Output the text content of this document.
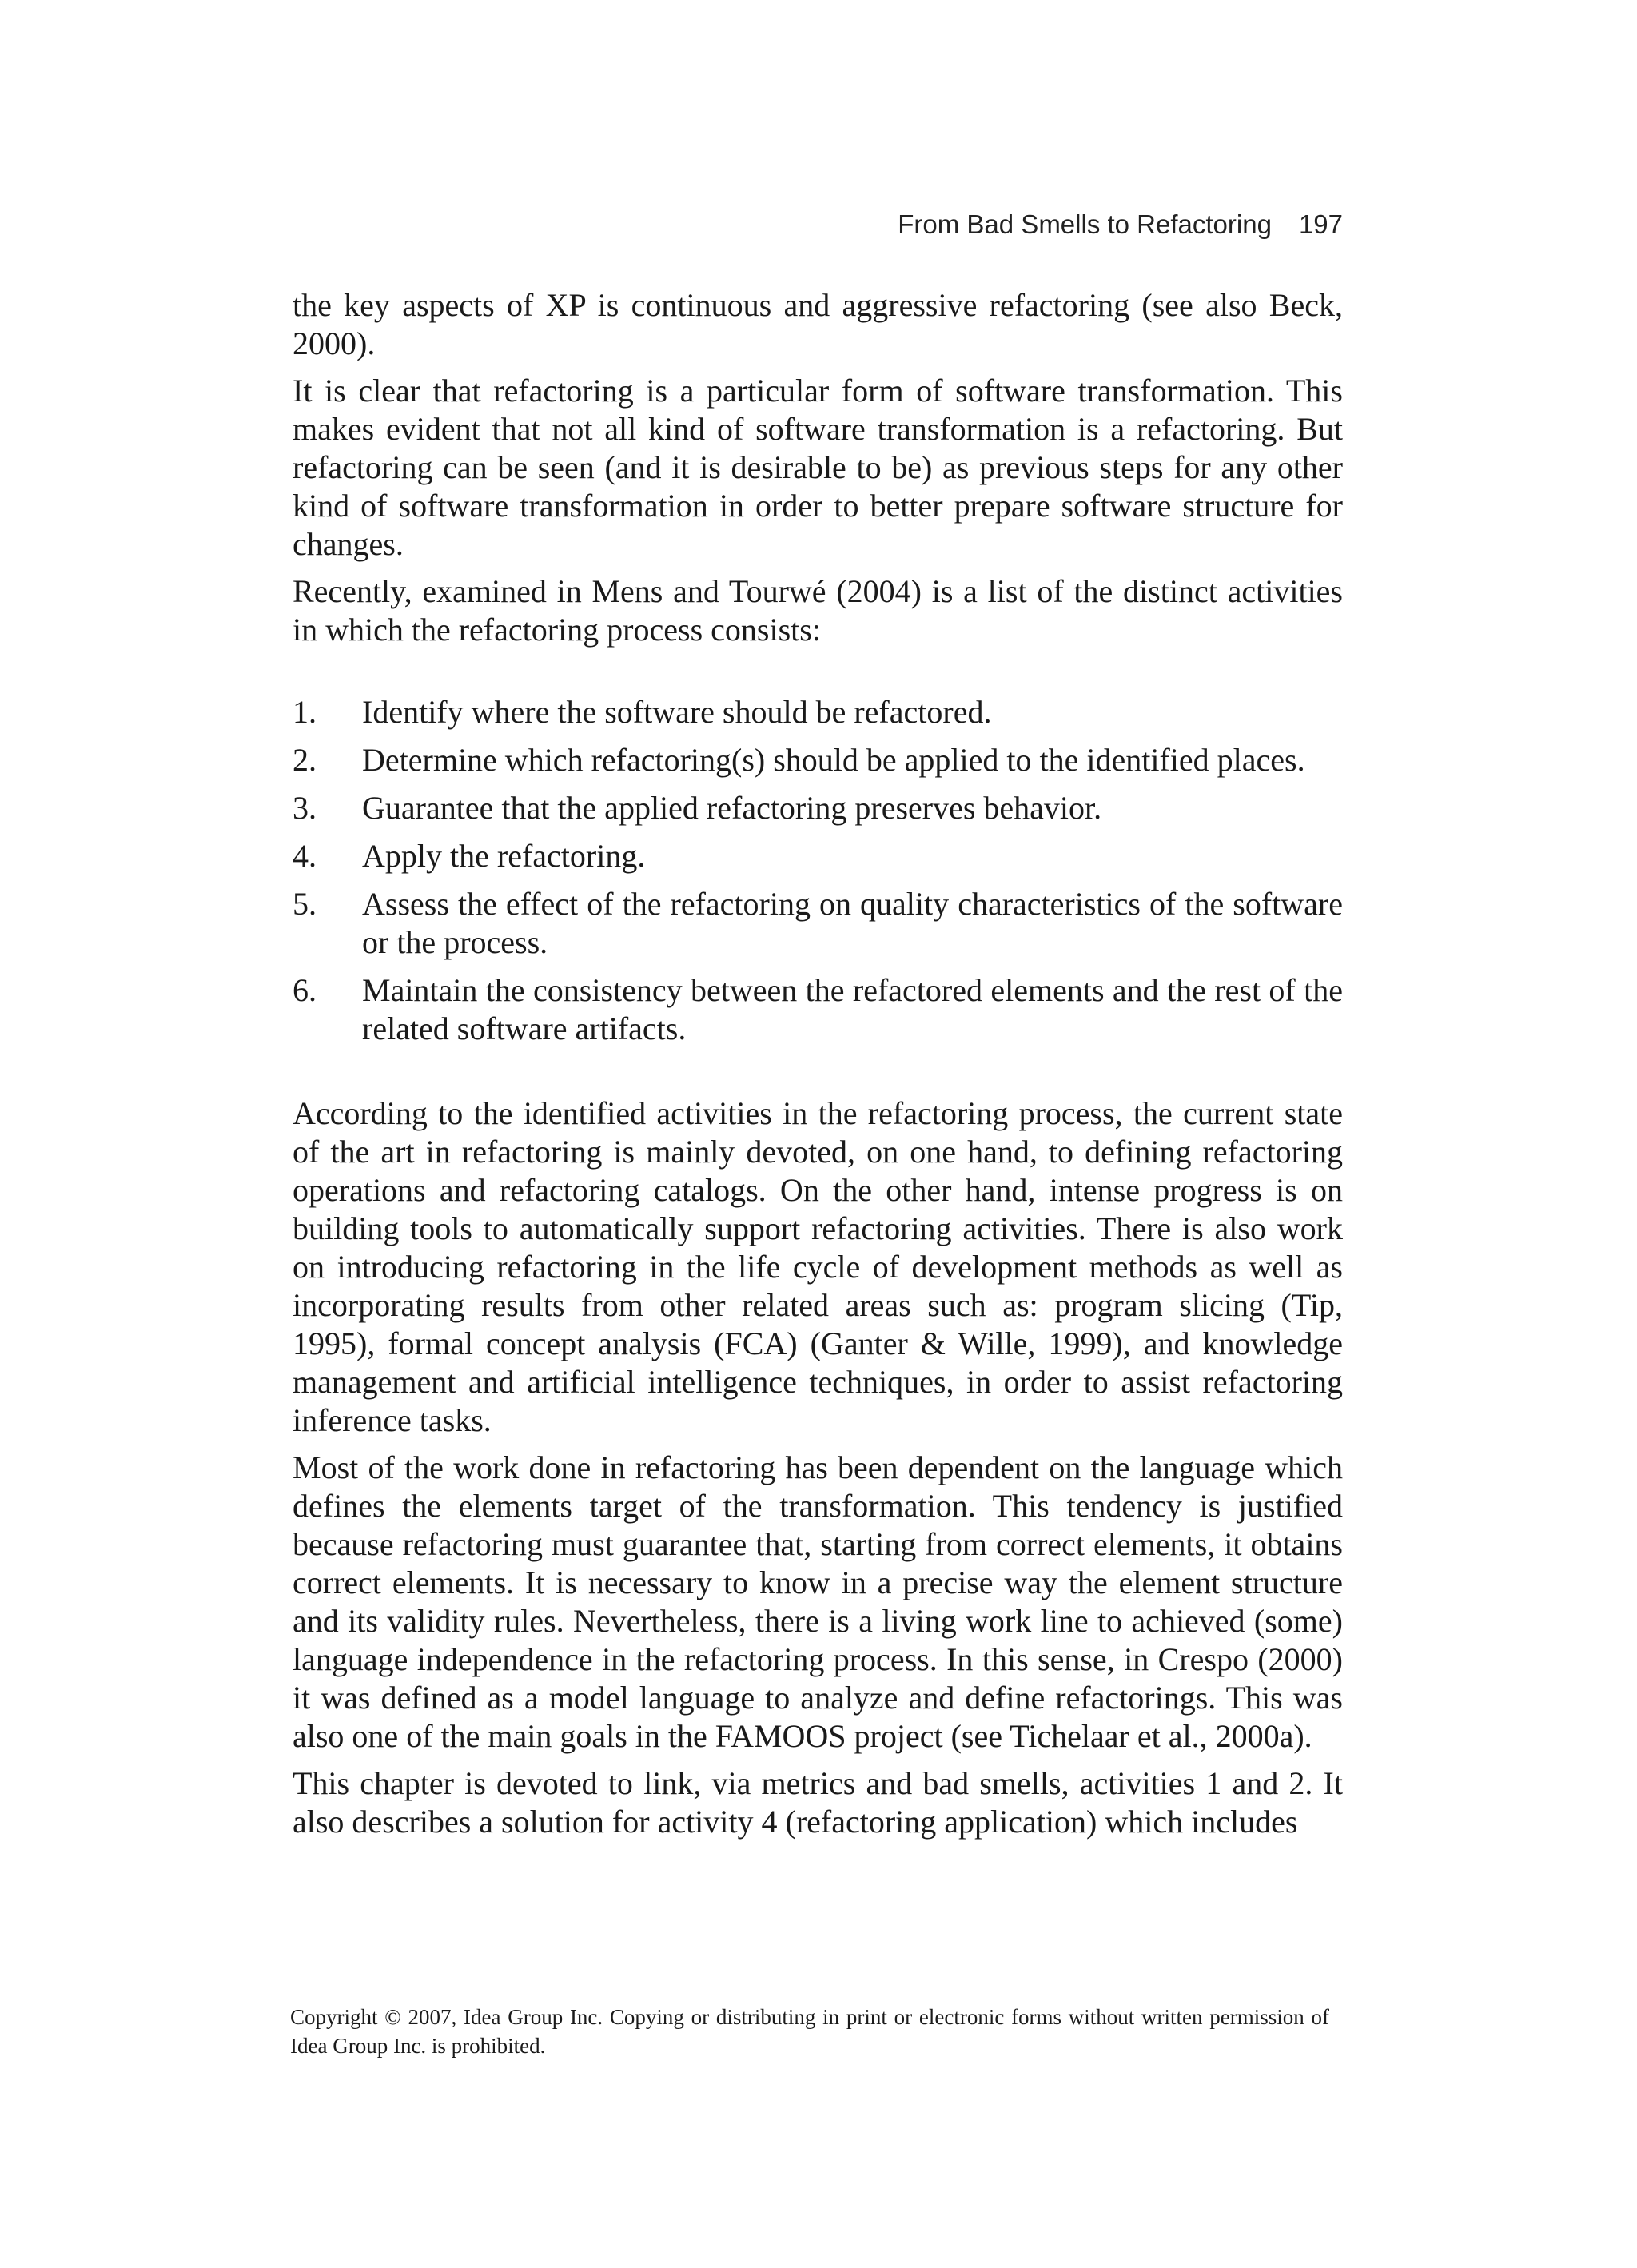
From Bad Smells to Refactoring 197

the key aspects of XP is continuous and aggressive refactoring (see also Beck, 2000).

It is clear that refactoring is a particular form of software transformation. This makes evident that not all kind of software transformation is a refactoring. But refactoring can be seen (and it is desirable to be) as previous steps for any other kind of software transformation in order to better prepare software structure for changes.

Recently, examined in Mens and Tourwé (2004) is a list of the distinct activities in which the refactoring process consists:

1.	Identify where the software should be refactored.
2.	Determine which refactoring(s) should be applied to the identified places.
3.	Guarantee that the applied refactoring preserves behavior.
4.	Apply the refactoring.
5.	Assess the effect of the refactoring on quality characteristics of the software or the process.
6.	Maintain the consistency between the refactored elements and the rest of the related software artifacts.

According to the identified activities in the refactoring process, the current state of the art in refactoring is mainly devoted, on one hand, to defining refactoring operations and refactoring catalogs. On the other hand, intense progress is on building tools to automatically support refactoring activities. There is also work on introducing refactoring in the life cycle of development methods as well as incorporating results from other related areas such as: program slicing (Tip, 1995), formal concept analysis (FCA) (Ganter & Wille, 1999), and knowledge management and artificial intelligence techniques, in order to assist refactoring inference tasks.

Most of the work done in refactoring has been dependent on the language which defines the elements target of the transformation. This tendency is justified because refactoring must guarantee that, starting from correct elements, it obtains correct elements. It is necessary to know in a precise way the element structure and its validity rules. Nevertheless, there is a living work line to achieved (some) language independence in the refactoring process. In this sense, in Crespo (2000) it was defined as a model language to analyze and define refactorings. This was also one of the main goals in the FAMOOS project (see Tichelaar et al., 2000a).

This chapter is devoted to link, via metrics and bad smells, activities 1 and 2. It also describes a solution for activity 4 (refactoring application) which includes

Copyright © 2007, Idea Group Inc. Copying or distributing in print or electronic forms without written permission of Idea Group Inc. is prohibited.
